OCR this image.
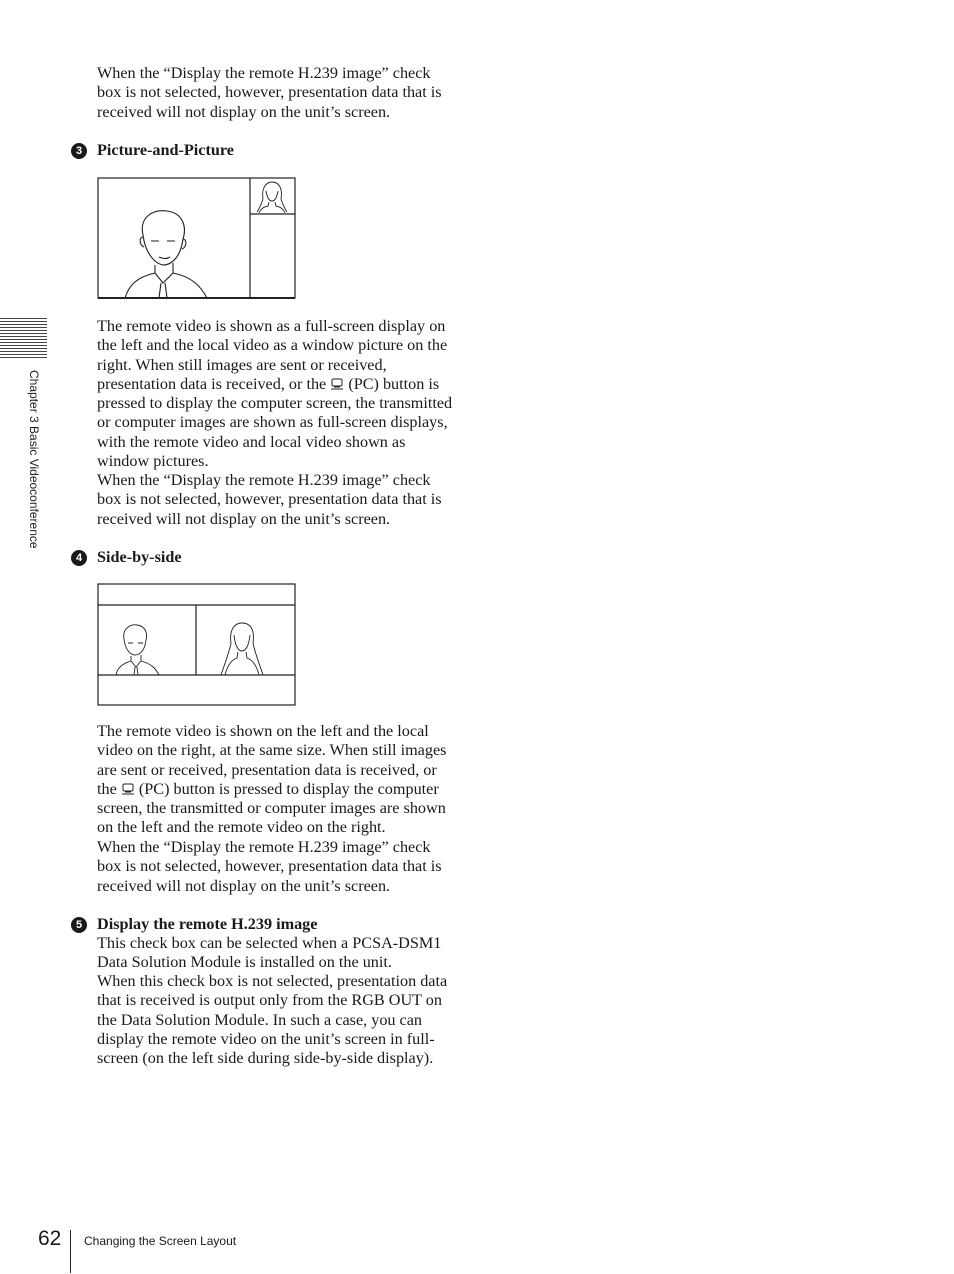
When the “Display the remote H.239 image” check
box is not selected, however, presentation data that is
received will not display on the unit’s screen.

3 Picture-and-Picture

The remote video is shown as a full-screen display on
the left and the local video as a window picture on the
right. When still images are sent or received,
presentation data is received, or the  (PC) button is
pressed to display the computer screen, the transmitted
or computer images are shown as full-screen displays,
with the remote video and local video shown as
window pictures.

When the “Display the remote H.239 image” check
box is not selected, however, presentation data that is
received will not display on the unit’s screen.

4 Side-by-side

The remote video is shown on the left and the local
video on the right, at the same size. When still images
are sent or received, presentation data is received, or
the  (PC) button is pressed to display the computer
screen, the transmitted or computer images are shown
on the left and the remote video on the right.

When the “Display the remote H.239 image” check
box is not selected, however, presentation data that is
received will not display on the unit’s screen.

5 Display the remote H.239 image

This check box can be selected when a PCSA-DSM1
Data Solution Module is installed on the unit.

When this check box is not selected, presentation data
that is received is output only from the RGB OUT on
the Data Solution Module. In such a case, you can
display the remote video on the unit’s screen in full-
screen (on the left side during side-by-side display).

Chapter 3 Basic Videoconference
62 Changing the Screen Layout
